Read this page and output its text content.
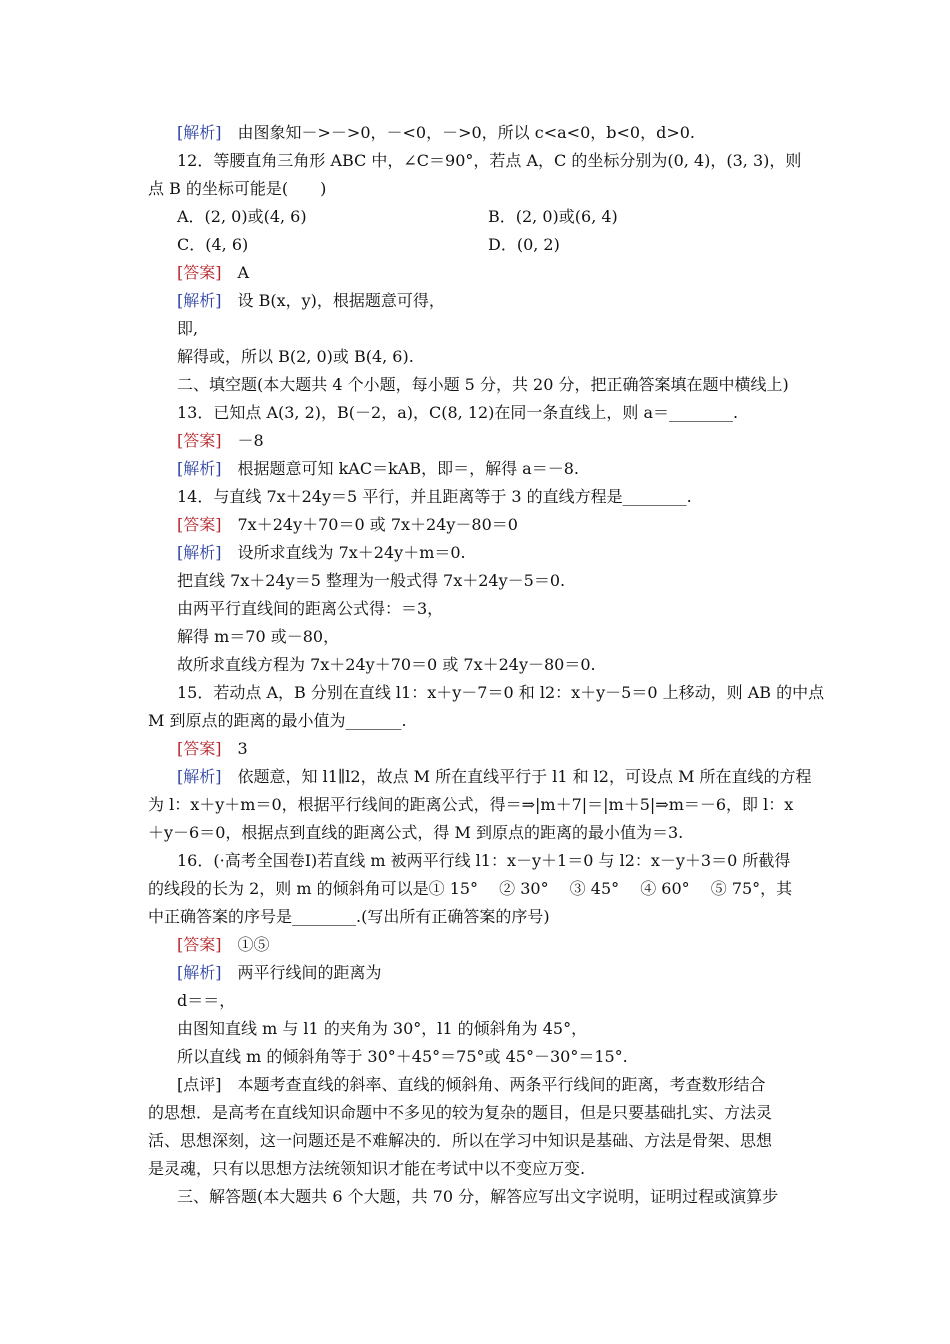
[解析]　由图象知－>－>0，－<0，－>0，所以 c<a<0，b<0，d>0.
12．等腰直角三角形 ABC 中，∠C＝90°，若点 A，C 的坐标分别为(0, 4)，(3, 3)，则
点 B 的坐标可能是(　　)
A．(2, 0)或(4, 6)	B．(2, 0)或(6, 4)
C．(4, 6)	D．(0, 2)
[答案]　A
[解析]　设 B(x，y)，根据题意可得，
即,
解得或，所以 B(2, 0)或 B(4, 6).
二、填空题(本大题共 4 个小题，每小题 5 分，共 20 分，把正确答案填在题中横线上)
13．已知点 A(3, 2)，B(－2，a)，C(8, 12)在同一条直线上，则 a＝________.
[答案]　－8
[解析]　根据题意可知 kAC＝kAB，即＝，解得 a＝－8.
14．与直线 7x＋24y＝5 平行，并且距离等于 3 的直线方程是________.
[答案]　7x＋24y＋70＝0 或 7x＋24y－80＝0
[解析]　设所求直线为 7x＋24y＋m＝0.
把直线 7x＋24y＝5 整理为一般式得 7x＋24y－5＝0.
由两平行直线间的距离公式得：＝3，
解得 m＝70 或－80，
故所求直线方程为 7x＋24y＋70＝0 或 7x＋24y－80＝0.
15．若动点 A，B 分别在直线 l1：x＋y－7＝0 和 l2：x＋y－5＝0 上移动，则 AB 的中点
M 到原点的距离的最小值为_______.
[答案]　3
[解析]　依题意，知 l1∥l2，故点 M 所在直线平行于 l1 和 l2，可设点 M 所在直线的方程
为 l：x＋y＋m＝0，根据平行线间的距离公式，得＝⇒|m＋7|＝|m＋5|⇒m＝－6，即 l：x
＋y－6＝0，根据点到直线的距离公式，得 M 到原点的距离的最小值为＝3.
16．(·高考全国卷Ⅰ)若直线 m 被两平行线 l1：x－y＋1＝0 与 l2：x－y＋3＝0 所截得
的线段的长为 2，则 m 的倾斜角可以是① 15°　 ② 30°　 ③ 45°　 ④ 60°　 ⑤ 75°，其
中正确答案的序号是________.(写出所有正确答案的序号)
[答案]　①⑤
[解析]　两平行线间的距离为
d＝＝，
由图知直线 m 与 l1 的夹角为 30°，l1 的倾斜角为 45°，
所以直线 m 的倾斜角等于 30°＋45°＝75°或 45°－30°＝15°.
[点评]　本题考查直线的斜率、直线的倾斜角、两条平行线间的距离，考查数形结合
的思想．是高考在直线知识命题中不多见的较为复杂的题目，但是只要基础扎实、方法灵
活、思想深刻，这一问题还是不难解决的．所以在学习中知识是基础、方法是骨架、思想
是灵魂，只有以思想方法统领知识才能在考试中以不变应万变.
三、解答题(本大题共 6 个大题，共 70 分，解答应写出文字说明，证明过程或演算步
